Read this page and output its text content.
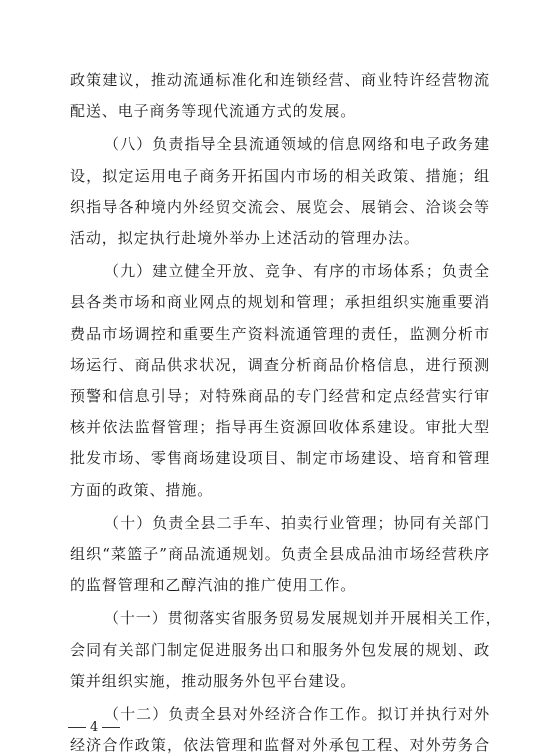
4
政策建议，推动流通标准化和连锁经营、商业特许经营物流
配送、电子商务等现代流通方式的发展。
（八）负责指导全县流通领域的信息网络和电子政务建
设，拟定运用电子商务开拓国内市场的相关政策、措施；组
织指导各种境内外经贸交流会、展览会、展销会、洽谈会等
活动，拟定执行赴境外举办上述活动的管理办法。
（九）建立健全开放、竞争、有序的市场体系；负责全
县各类市场和商业网点的规划和管理；承担组织实施重要消
费品市场调控和重要生产资料流通管理的责任，监测分析市
场运行、商品供求状况，调查分析商品价格信息，进行预测
预警和信息引导；对特殊商品的专门经营和定点经营实行审
核并依法监督管理；指导再生资源回收体系建设。审批大型
批发市场、零售商场建设项目、制定市场建设、培育和管理
方面的政策、措施。
（十）负责全县二手车、拍卖行业管理；协同有关部门
组织“菜篮子”商品流通规划。负责全县成品油市场经营秩序
的监督管理和乙醇汽油的推广使用工作。
（十一）贯彻落实省服务贸易发展规划并开展相关工作，
会同有关部门制定促进服务出口和服务外包发展的规划、政
策并组织实施，推动服务外包平台建设。
（十二）负责全县对外经济合作工作。拟订并执行对外
经济合作政策，依法管理和监督对外承包工程、对外劳务合
